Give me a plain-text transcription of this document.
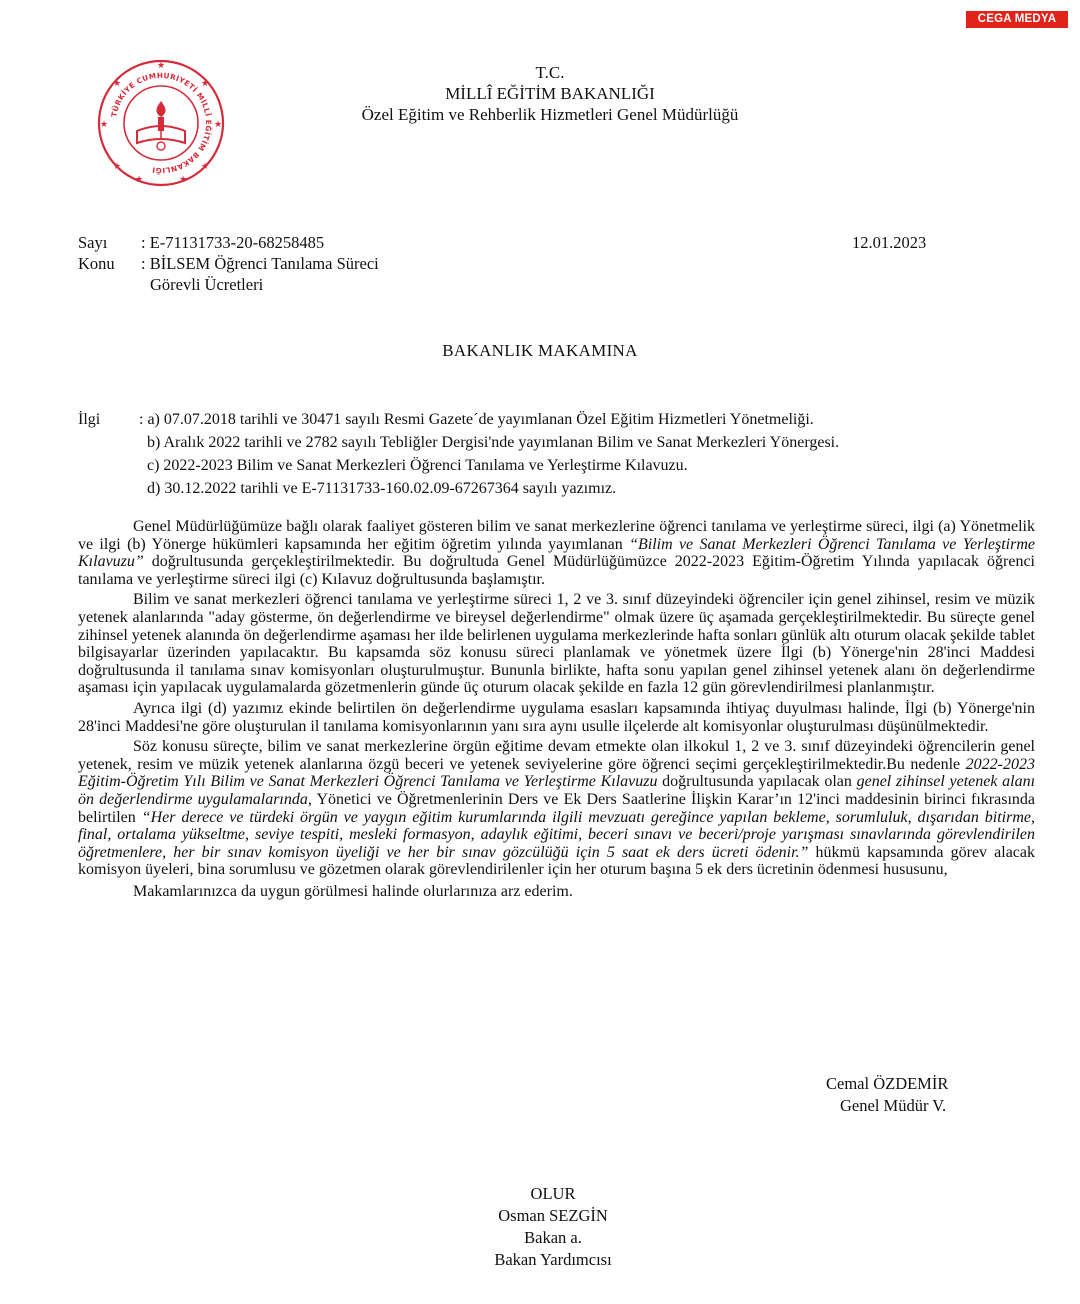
CEGA MEDYA
TÜRKİYE CUMHURİYETİ MİLLÎ EĞİTİM BAKANLIĞI
★
★	★
★	★
★	★
★	★
T.C.
MİLLÎ EĞİTİM BAKANLIĞI
Özel Eğitim ve Rehberlik Hizmetleri Genel Müdürlüğü
Sayı : E-71131733-20-68258485
Konu : BİLSEM Öğrenci Tanılama Süreci
Görevli Ücretleri
12.01.2023
BAKANLIK MAKAMINA
İlgi : a) 07.07.2018 tarihli ve 30471 sayılı Resmi Gazete´de yayımlanan Özel Eğitim Hizmetleri Yönetmeliği.
b) Aralık 2022 tarihli ve 2782 sayılı Tebliğler Dergisi'nde yayımlanan Bilim ve Sanat Merkezleri Yönergesi.
c) 2022-2023 Bilim ve Sanat Merkezleri Öğrenci Tanılama ve Yerleştirme Kılavuzu.
d) 30.12.2022 tarihli ve E-71131733-160.02.09-67267364 sayılı yazımız.

Genel Müdürlüğümüze bağlı olarak faaliyet gösteren bilim ve sanat merkezlerine öğrenci tanılama ve yerleştirme süreci, ilgi (a) Yönetmelik ve ilgi (b) Yönerge hükümleri kapsamında her eğitim öğretim yılında yayımlanan “Bilim ve Sanat Merkezleri Öğrenci Tanılama ve Yerleştirme Kılavuzu” doğrultusunda gerçekleştirilmektedir. Bu doğrultuda Genel Müdürlüğümüzce 2022-2023 Eğitim-Öğretim Yılında yapılacak öğrenci tanılama ve yerleştirme süreci ilgi (c) Kılavuz doğrultusunda başlamıştır.

Bilim ve sanat merkezleri öğrenci tanılama ve yerleştirme süreci 1, 2 ve 3. sınıf düzeyindeki öğrenciler için genel zihinsel, resim ve müzik yetenek alanlarında "aday gösterme, ön değerlendirme ve bireysel değerlendirme" olmak üzere üç aşamada gerçekleştirilmektedir. Bu süreçte genel zihinsel yetenek alanında ön değerlendirme aşaması her ilde belirlenen uygulama merkezlerinde hafta sonları günlük altı oturum olacak şekilde tablet bilgisayarlar üzerinden yapılacaktır. Bu kapsamda söz konusu süreci planlamak ve yönetmek üzere İlgi (b) Yönerge'nin 28'inci Maddesi doğrultusunda il tanılama sınav komisyonları oluşturulmuştur. Bununla birlikte, hafta sonu yapılan genel zihinsel yetenek alanı ön değerlendirme aşaması için yapılacak uygulamalarda gözetmenlerin günde üç oturum olacak şekilde en fazla 12 gün görevlendirilmesi planlanmıştır.

Ayrıca ilgi (d) yazımız ekinde belirtilen ön değerlendirme uygulama esasları kapsamında ihtiyaç duyulması halinde, İlgi (b) Yönerge'nin 28'inci Maddesi'ne göre oluşturulan il tanılama komisyonlarının yanı sıra aynı usulle ilçelerde alt komisyonlar oluşturulması düşünülmektedir.

Söz konusu süreçte, bilim ve sanat merkezlerine örgün eğitime devam etmekte olan ilkokul 1, 2 ve 3. sınıf düzeyindeki öğrencilerin genel yetenek, resim ve müzik yetenek alanlarına özgü beceri ve yetenek seviyelerine göre öğrenci seçimi gerçekleştirilmektedir.Bu nedenle 2022-2023 Eğitim-Öğretim Yılı Bilim ve Sanat Merkezleri Öğrenci Tanılama ve Yerleştirme Kılavuzu doğrultusunda yapılacak olan genel zihinsel yetenek alanı ön değerlendirme uygulamalarında, Yönetici ve Öğretmenlerinin Ders ve Ek Ders Saatlerine İlişkin Karar’ın 12'inci maddesinin birinci fıkrasında belirtilen “Her derece ve türdeki örgün ve yaygın eğitim kurumlarında ilgili mevzuatı gereğince yapılan bekleme, sorumluluk, dışarıdan bitirme, final, ortalama yükseltme, seviye tespiti, mesleki formasyon, adaylık eğitimi, beceri sınavı ve beceri/proje yarışması sınavlarında görevlendirilen öğretmenlere, her bir sınav komisyon üyeliği ve her bir sınav gözcülüğü için 5 saat ek ders ücreti ödenir.” hükmü kapsamında görev alacak komisyon üyeleri, bina sorumlusu ve gözetmen olarak görevlendirilenler için her oturum başına 5 ek ders ücretinin ödenmesi hususunu,

Makamlarınızca da uygun görülmesi halinde olurlarınıza arz ederim.

Cemal ÖZDEMİR
Genel Müdür V.
OLUR
Osman SEZGİN
Bakan a.
Bakan Yardımcısı
